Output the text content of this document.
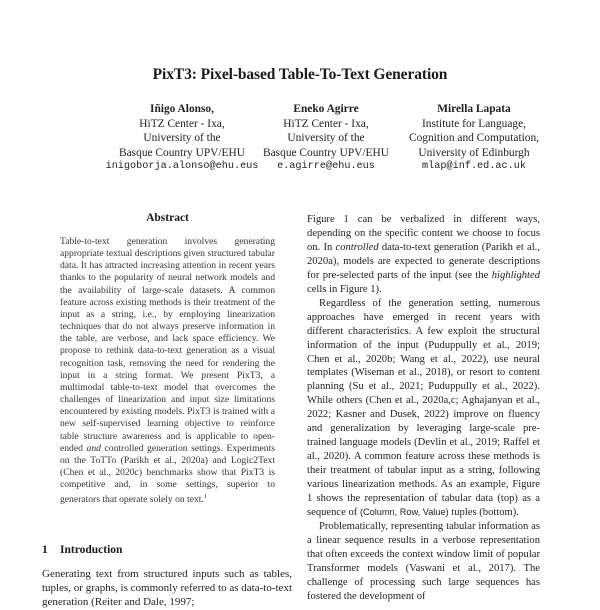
PixT3: Pixel-based Table-To-Text Generation
Iñigo Alonso,
HiTZ Center - Ixa,
University of the
Basque Country UPV/EHU
inigoborja.alonso@ehu.eus
Eneko Agirre
HiTZ Center - Ixa,
University of the
Basque Country UPV/EHU
e.agirre@ehu.eus
Mirella Lapata
Institute for Language,
Cognition and Computation,
University of Edinburgh
mlap@inf.ed.ac.uk
Abstract
Table-to-text generation involves generating appropriate textual descriptions given structured tabular data. It has attracted increasing attention in recent years thanks to the popularity of neural network models and the availability of large-scale datasets. A common feature across existing methods is their treatment of the input as a string, i.e., by employing linearization techniques that do not always preserve information in the table, are verbose, and lack space efficiency. We propose to rethink data-to-text generation as a visual recognition task, removing the need for rendering the input in a string format. We present PixT3, a multimodal table-to-text model that overcomes the challenges of linearization and input size limitations encountered by existing models. PixT3 is trained with a new self-supervised learning objective to reinforce table structure awareness and is applicable to open-ended and controlled generation settings. Experiments on the ToTTo (Parikh et al., 2020a) and Logic2Text (Chen et al., 2020c) benchmarks show that PixT3 is competitive and, in some settings, superior to generators that operate solely on text.$^1$
1 Introduction
Generating text from structured inputs such as tables, tuples, or graphs, is commonly referred to as data-to-text generation (Reiter and Dale, 1997;

Figure 1 can be verbalized in different ways, depending on the specific content we choose to focus on. In controlled data-to-text generation (Parikh et al., 2020a), models are expected to generate descriptions for pre-selected parts of the input (see the highlighted cells in Figure 1).

Regardless of the generation setting, numerous approaches have emerged in recent years with different characteristics. A few exploit the structural information of the input (Puduppully et al., 2019; Chen et al., 2020b; Wang et al., 2022), use neural templates (Wiseman et al., 2018), or resort to content planning (Su et al., 2021; Puduppully et al., 2022). While others (Chen et al., 2020a,c; Aghajanyan et al., 2022; Kasner and Dusek, 2022) improve on fluency and generalization by leveraging large-scale pre-trained language models (Devlin et al., 2019; Raffel et al., 2020). A common feature across these methods is their treatment of tabular input as a string, following various linearization methods. As an example, Figure 1 shows the representation of tabular data (top) as a sequence of (Column, Row, Value) tuples (bottom).

Problematically, representing tabular information as a linear sequence results in a verbose representation that often exceeds the context window limit of popular Transformer models (Vaswani et al., 2017). The challenge of processing such large sequences has fostered the development of
